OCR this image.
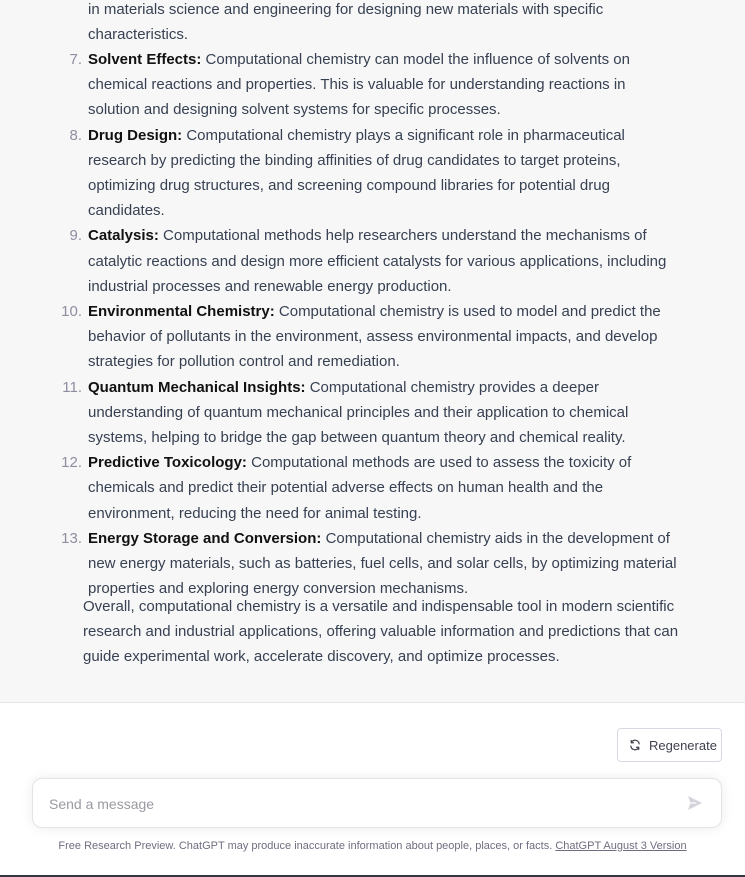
in materials science and engineering for designing new materials with specific
characteristics.
7. Solvent Effects: Computational chemistry can model the influence of solvents on chemical reactions and properties. This is valuable for understanding reactions in solution and designing solvent systems for specific processes.
8. Drug Design: Computational chemistry plays a significant role in pharmaceutical research by predicting the binding affinities of drug candidates to target proteins, optimizing drug structures, and screening compound libraries for potential drug candidates.
9. Catalysis: Computational methods help researchers understand the mechanisms of catalytic reactions and design more efficient catalysts for various applications, including industrial processes and renewable energy production.
10. Environmental Chemistry: Computational chemistry is used to model and predict the behavior of pollutants in the environment, assess environmental impacts, and develop strategies for pollution control and remediation.
11. Quantum Mechanical Insights: Computational chemistry provides a deeper understanding of quantum mechanical principles and their application to chemical systems, helping to bridge the gap between quantum theory and chemical reality.
12. Predictive Toxicology: Computational methods are used to assess the toxicity of chemicals and predict their potential adverse effects on human health and the environment, reducing the need for animal testing.
13. Energy Storage and Conversion: Computational chemistry aids in the development of new energy materials, such as batteries, fuel cells, and solar cells, by optimizing material properties and exploring energy conversion mechanisms.

Overall, computational chemistry is a versatile and indispensable tool in modern scientific research and industrial applications, offering valuable information and predictions that can guide experimental work, accelerate discovery, and optimize processes.

Regenerate
Send a message
Free Research Preview. ChatGPT may produce inaccurate information about people, places, or facts. ChatGPT August 3 Version
